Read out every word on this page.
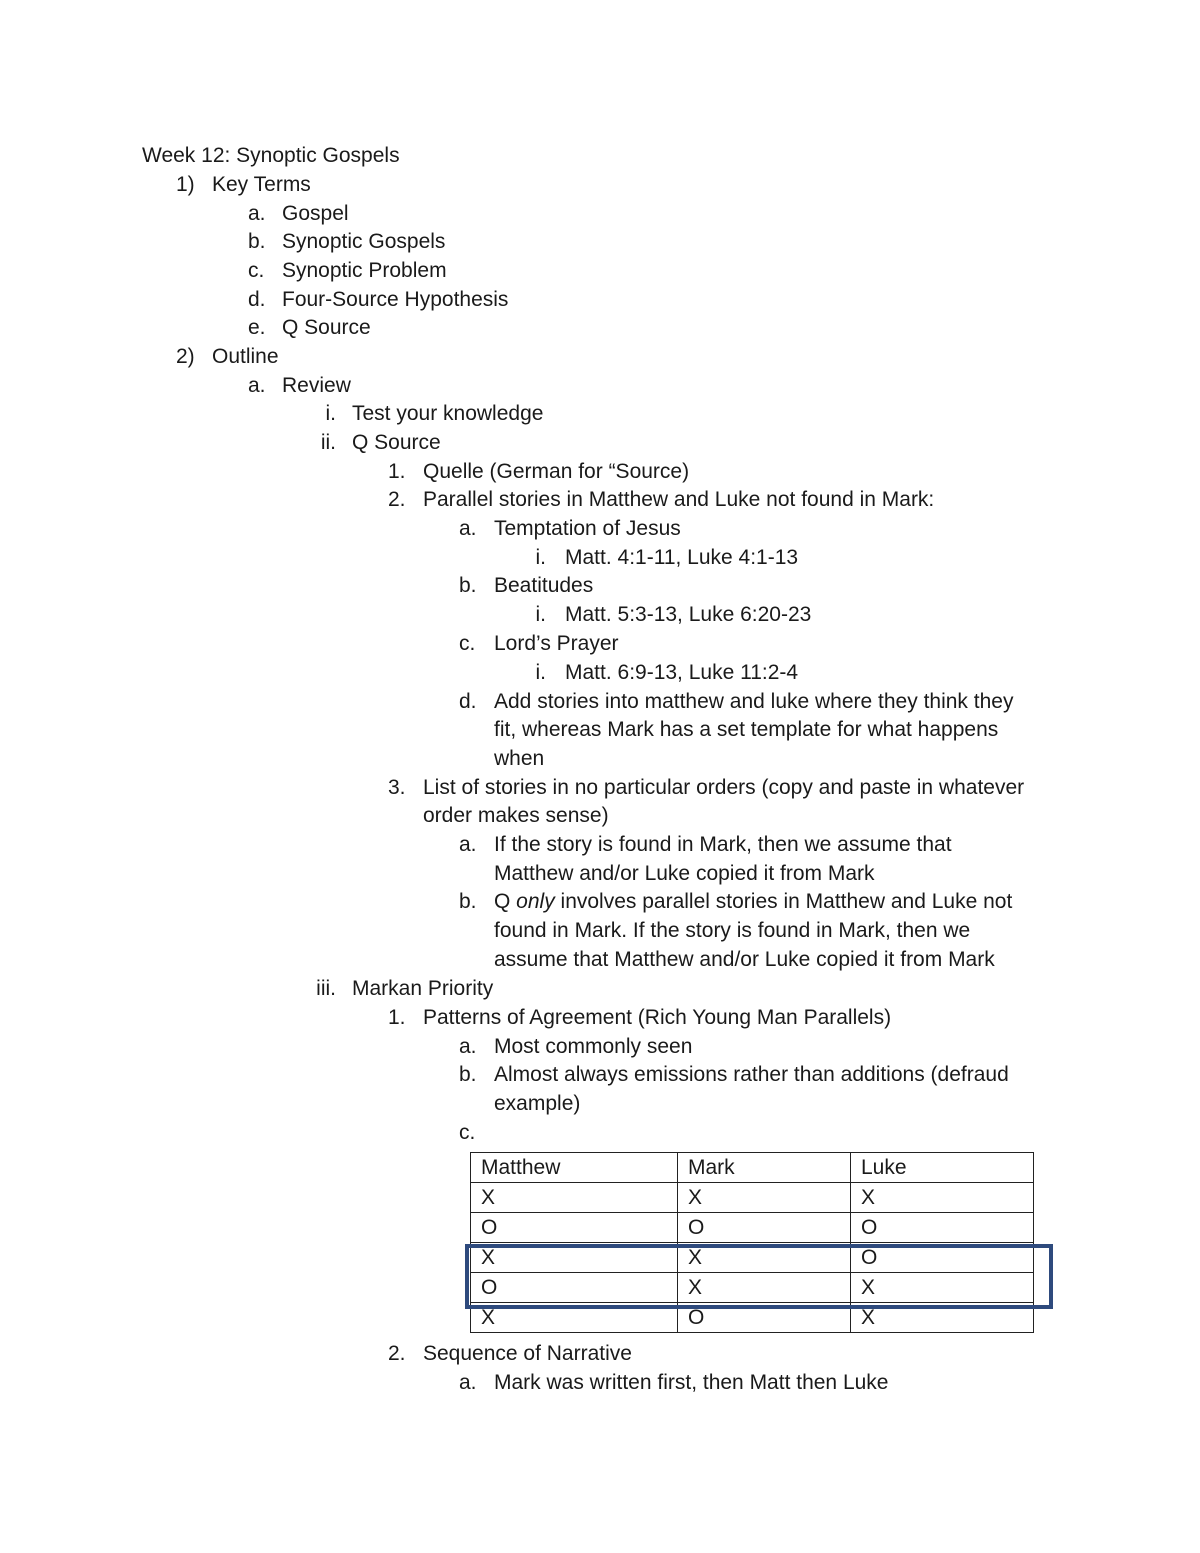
Week 12: Synoptic Gospels
1) Key Terms
a. Gospel
b. Synoptic Gospels
c. Synoptic Problem
d. Four-Source Hypothesis
e. Q Source
2) Outline
a. Review
i. Test your knowledge
ii. Q Source
1. Quelle (German for “Source)
2. Parallel stories in Matthew and Luke not found in Mark:
a. Temptation of Jesus
i. Matt. 4:1-11, Luke 4:1-13
b. Beatitudes
i. Matt. 5:3-13, Luke 6:20-23
c. Lord’s Prayer
i. Matt. 6:9-13, Luke 11:2-4
d. Add stories into matthew and luke where they think they
fit, whereas Mark has a set template for what happens
when
3. List of stories in no particular orders (copy and paste in whatever
order makes sense)
a. If the story is found in Mark, then we assume that
Matthew and/or Luke copied it from Mark
b. Q only involves parallel stories in Matthew and Luke not
found in Mark. If the story is found in Mark, then we
assume that Matthew and/or Luke copied it from Mark
iii. Markan Priority
1. Patterns of Agreement (Rich Young Man Parallels)
a. Most commonly seen
b. Almost always emissions rather than additions (defraud
example)
c.
Matthew	Mark	Luke
X	X	X
O	O	O
X	X	O
O	X	X
X	O	X
2. Sequence of Narrative
a. Mark was written first, then Matt then Luke
